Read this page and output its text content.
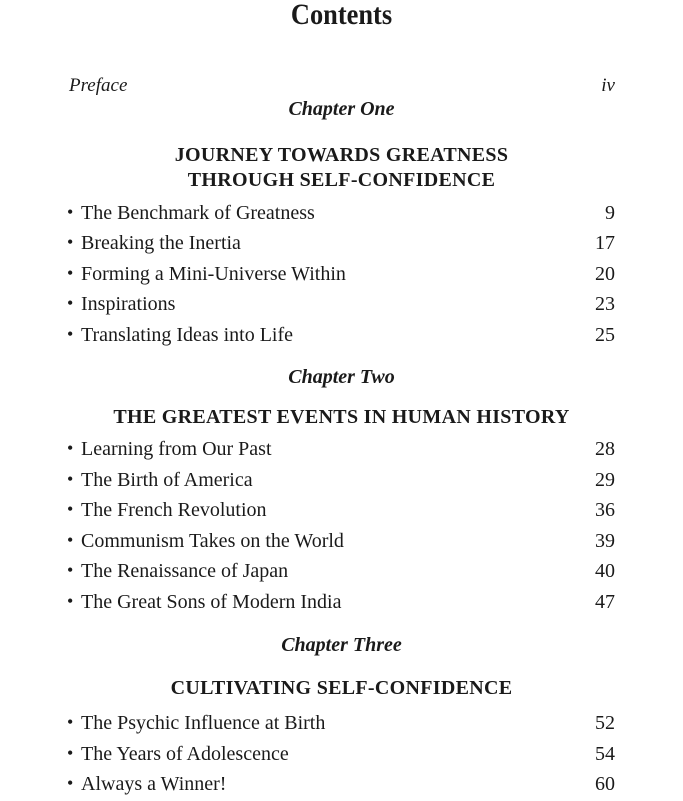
Contents
Preface	iv
Chapter One
JOURNEY TOWARDS GREATNESS
THROUGH SELF-CONFIDENCE
• The Benchmark of Greatness	9
• Breaking the Inertia	17
• Forming a Mini-Universe Within	20
• Inspirations	23
• Translating Ideas into Life	25
Chapter Two
THE GREATEST EVENTS IN HUMAN HISTORY
• Learning from Our Past	28
• The Birth of America	29
• The French Revolution	36
• Communism Takes on the World	39
• The Renaissance of Japan	40
• The Great Sons of Modern India	47
Chapter Three
CULTIVATING SELF-CONFIDENCE
• The Psychic Influence at Birth	52
• The Years of Adolescence	54
• Always a Winner!	60
